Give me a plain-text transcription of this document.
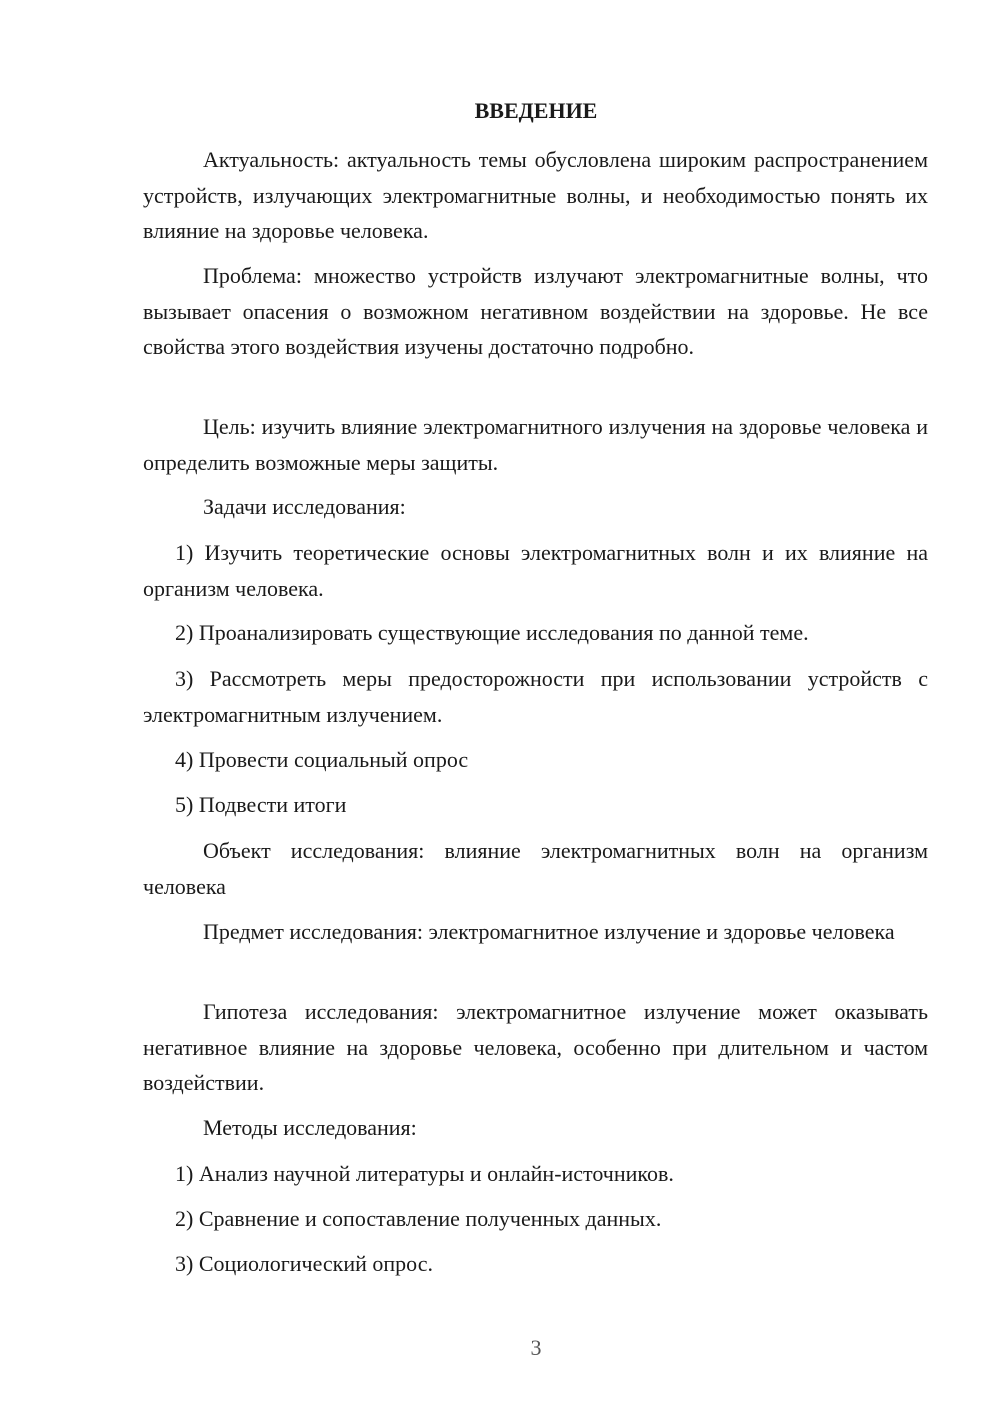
ВВЕДЕНИЕ

Актуальность: актуальность темы обусловлена широким распространением устройств, излучающих электромагнитные волны, и необходимостью понять их влияние на здоровье человека.

Проблема: множество устройств излучают электромагнитные волны, что вызывает опасения о возможном негативном воздействии на здоровье. Не все свойства этого воздействия изучены достаточно подробно.

Цель: изучить влияние электромагнитного излучения на здоровье человека и определить возможные меры защиты.

Задачи исследования:

1) Изучить теоретические основы электромагнитных волн и их влияние на организм человека.

2) Проанализировать существующие исследования по данной теме.

3) Рассмотреть меры предосторожности при использовании устройств с электромагнитным излучением.

4) Провести социальный опрос

5) Подвести итоги

Объект исследования: влияние электромагнитных волн на организм человека

Предмет исследования: электромагнитное излучение и здоровье человека

Гипотеза исследования: электромагнитное излучение может оказывать негативное влияние на здоровье человека, особенно при длительном и частом воздействии.

Методы исследования:

1) Анализ научной литературы и онлайн-источников.

2) Сравнение и сопоставление полученных данных.

3) Социологический опрос.

3
